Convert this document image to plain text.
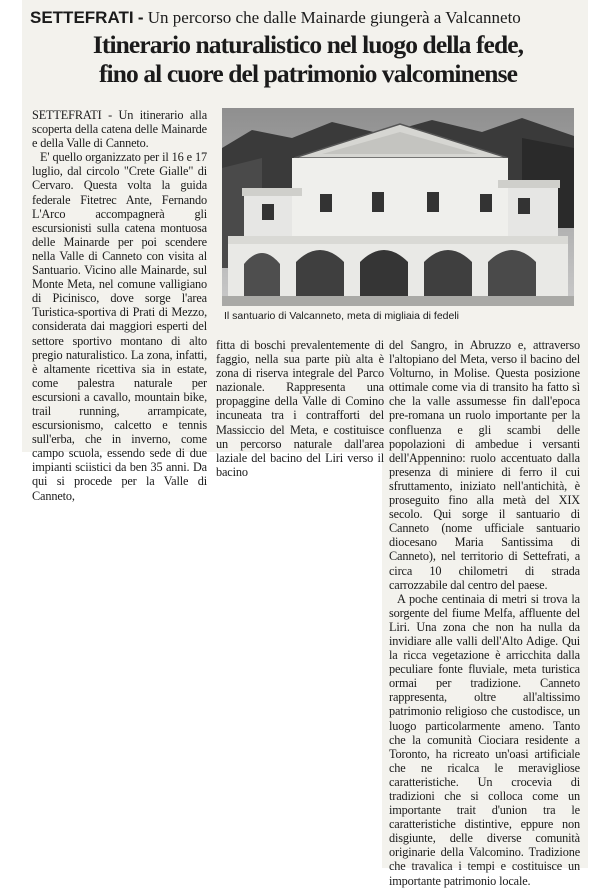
SETTEFRATI - Un percorso che dalle Mainarde giungerà a Valcanneto
Itinerario naturalistico nel luogo della fede,
fino al cuore del patrimonio valcominense

SETTEFRATI - Un itinerario alla scoperta della catena delle Mainarde e della Valle di Canneto.

E' quello organizzato per il 16 e 17 luglio, dal circolo "Crete Gialle" di Cervaro. Questa volta la guida federale Fitetrec Ante, Fernando L'Arco accompagnerà gli escursionisti sulla catena montuosa delle Mainarde per poi scendere nella Valle di Canneto con visita al Santuario. Vicino alle Mainarde, sul Monte Meta, nel comune valligiano di Picinisco, dove sorge l'area Turistica-sportiva di Prati di Mezzo, considerata dai maggiori esperti del settore sportivo montano di alto pregio naturalistico. La zona, infatti, è altamente ricettiva sia in estate, come palestra naturale per escursioni a cavallo, mountain bike, trail running, arrampicate, escursionismo, calcetto e tennis sull'erba, che in inverno, come campo scuola, essendo sede di due impianti sciistici da ben 35 anni. Da qui si procede per la Valle di Canneto,

Il santuario di Valcanneto, meta di migliaia di fedeli

fitta di boschi prevalentemente di faggio, nella sua parte più alta è zona di riserva integrale del Parco nazionale. Rappresenta una propaggine della Valle di Comino incuneata tra i contrafforti del Massiccio del Meta, e costituisce un percorso naturale dall'area laziale del bacino del Liri verso il bacino

del Sangro, in Abruzzo e, attraverso l'altopiano del Meta, verso il bacino del Volturno, in Molise. Questa posizione ottimale come via di transito ha fatto sì che la valle assumesse fin dall'epoca pre-romana un ruolo importante per la confluenza e gli scambi delle popolazioni di ambedue i versanti dell'Appennino: ruolo accentuato dalla presenza di miniere di ferro il cui sfruttamento, iniziato nell'antichità, è proseguito fino alla metà del XIX secolo. Qui sorge il santuario di Canneto (nome ufficiale santuario diocesano Maria Santissima di Canneto), nel territorio di Settefrati, a circa 10 chilometri di strada carrozzabile dal centro del paese.

A poche centinaia di metri si trova la sorgente del fiume Melfa, affluente del Liri. Una zona che non ha nulla da invidiare alle valli dell'Alto Adige. Qui la ricca vegetazione è arricchita dalla peculiare fonte fluviale, meta turistica ormai per tradizione. Canneto rappresenta, oltre all'altissimo patrimonio religioso che custodisce, un luogo particolarmente ameno. Tanto che la comunità Ciociara residente a Toronto, ha ricreato un'oasi artificiale che ne ricalca le meravigliose caratteristiche. Un crocevia di tradizioni che si colloca come un importante trait d'union tra le caratteristiche distintive, eppure non disgiunte, delle diverse comunità originarie della Valcomino. Tradizione che travalica i tempi e costituisce un importante patrimonio locale.
